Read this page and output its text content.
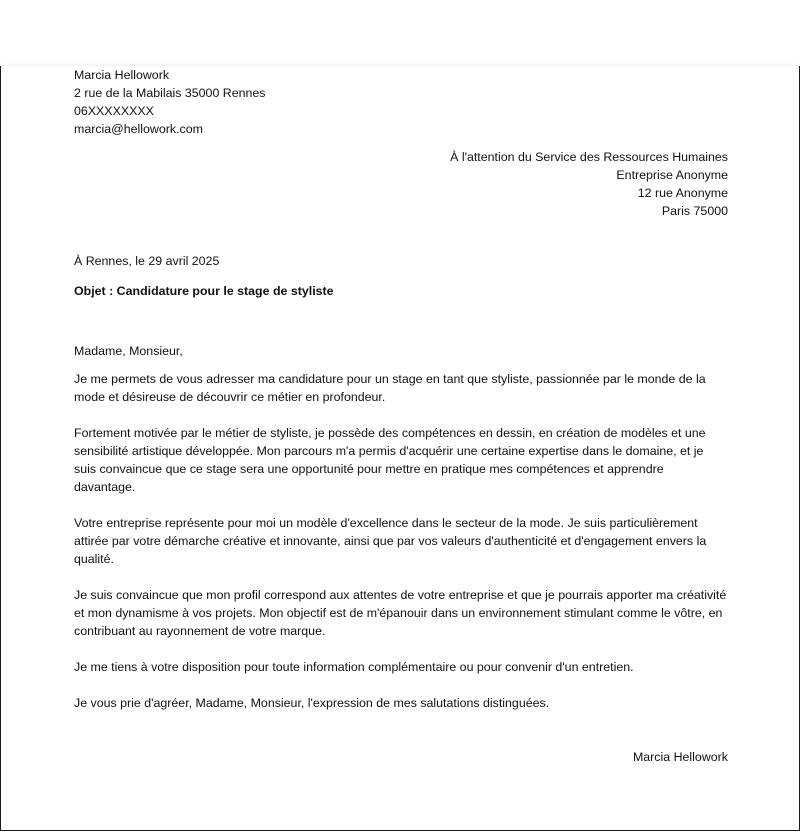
Marcia Hellowork
2 rue de la Mabilais 35000 Rennes
06XXXXXXXX
marcia@hellowork.com
À l'attention du Service des Ressources Humaines
Entreprise Anonyme
12 rue Anonyme
Paris 75000
À Rennes, le 29 avril 2025
Objet : Candidature pour le stage de styliste
Madame, Monsieur,

Je me permets de vous adresser ma candidature pour un stage en tant que styliste, passionnée par le monde de la mode et désireuse de découvrir ce métier en profondeur.

Fortement motivée par le métier de styliste, je possède des compétences en dessin, en création de modèles et une sensibilité artistique développée. Mon parcours m'a permis d'acquérir une certaine expertise dans le domaine, et je suis convaincue que ce stage sera une opportunité pour mettre en pratique mes compétences et apprendre davantage.

Votre entreprise représente pour moi un modèle d'excellence dans le secteur de la mode. Je suis particulièrement attirée par votre démarche créative et innovante, ainsi que par vos valeurs d'authenticité et d'engagement envers la qualité.

Je suis convaincue que mon profil correspond aux attentes de votre entreprise et que je pourrais apporter ma créativité et mon dynamisme à vos projets. Mon objectif est de m'épanouir dans un environnement stimulant comme le vôtre, en contribuant au rayonnement de votre marque.

Je me tiens à votre disposition pour toute information complémentaire ou pour convenir d'un entretien.

Je vous prie d'agréer, Madame, Monsieur, l'expression de mes salutations distinguées.

Marcia Hellowork
